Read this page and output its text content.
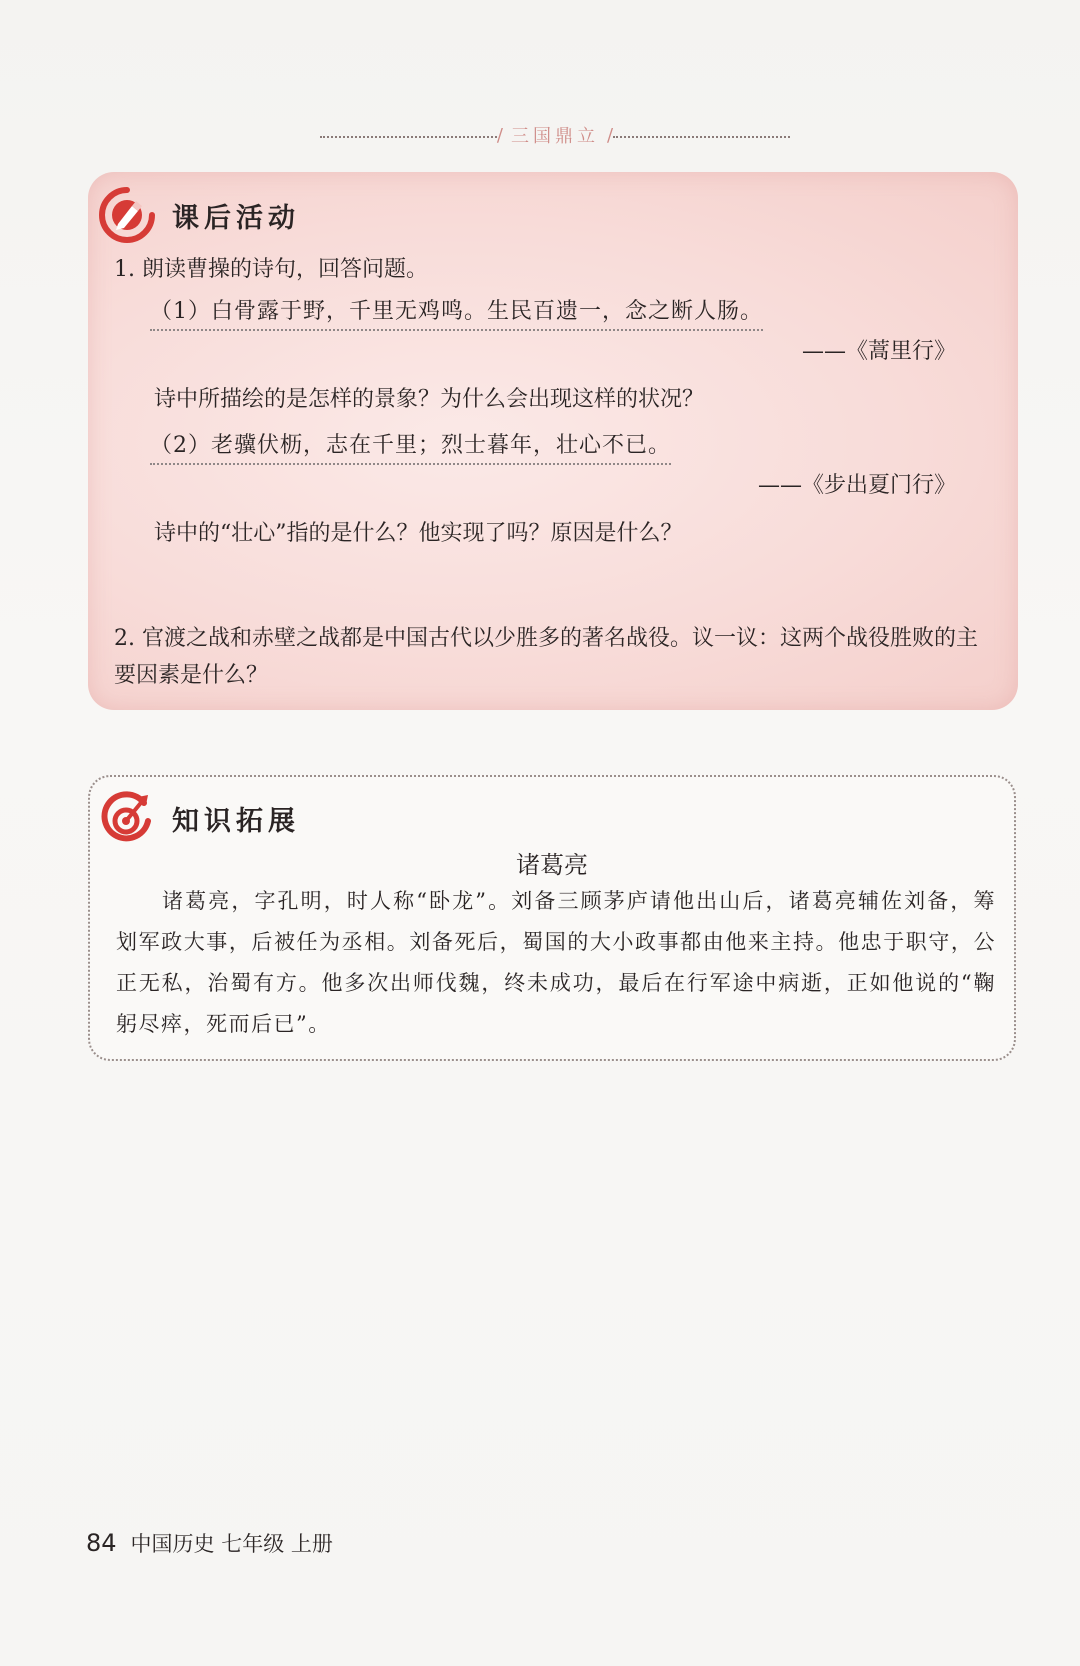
/ 三国鼎立 /
课后活动
1. 朗读曹操的诗句，回答问题。
（1）白骨露于野，千里无鸡鸣。生民百遗一，念之断人肠。
——《蒿里行》
诗中所描绘的是怎样的景象？为什么会出现这样的状况？
（2）老骥伏枥，志在千里；烈士暮年，壮心不已。
——《步出夏门行》
诗中的“壮心”指的是什么？他实现了吗？原因是什么？
2. 官渡之战和赤壁之战都是中国古代以少胜多的著名战役。议一议：这两个战役胜败的主要因素是什么？
知识拓展
诸葛亮
诸葛亮，字孔明，时人称“卧龙”。刘备三顾茅庐请他出山后，诸葛亮辅佐刘备，筹划军政大事，后被任为丞相。刘备死后，蜀国的大小政事都由他来主持。他忠于职守，公正无私，治蜀有方。他多次出师伐魏，终未成功，最后在行军途中病逝，正如他说的“鞠躬尽瘁，死而后已”。
84 中国历史 七年级 上册
